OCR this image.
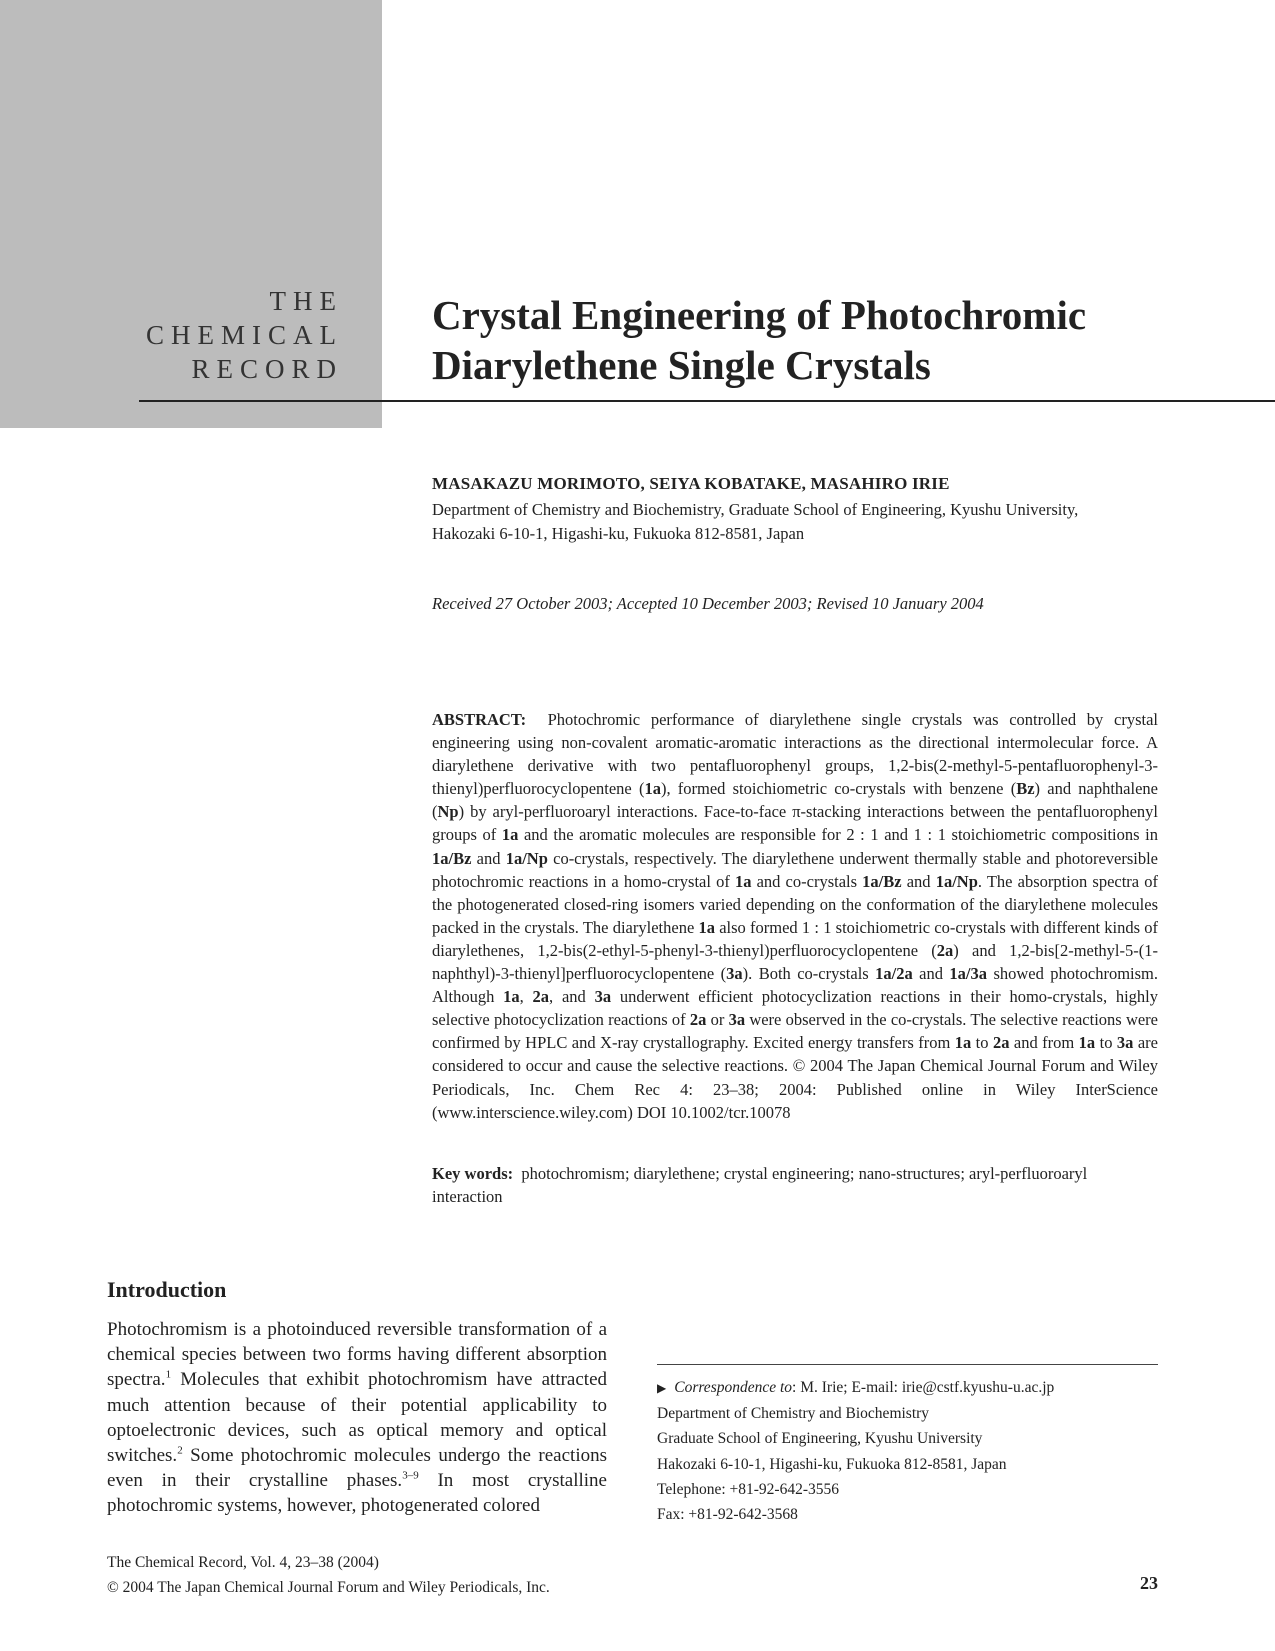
THE
CHEMICAL
RECORD
Crystal Engineering of Photochromic
Diarylethene Single Crystals
MASAKAZU MORIMOTO, SEIYA KOBATAKE, MASAHIRO IRIE
Department of Chemistry and Biochemistry, Graduate School of Engineering, Kyushu University,
Hakozaki 6-10-1, Higashi-ku, Fukuoka 812-8581, Japan
Received 27 October 2003; Accepted 10 December 2003; Revised 10 January 2004
ABSTRACT: Photochromic performance of diarylethene single crystals was controlled by crystal engineering using non-covalent aromatic-aromatic interactions as the directional intermolecular force. A diarylethene derivative with two pentafluorophenyl groups, 1,2-bis(2-methyl-5-pentafluorophenyl-3-thienyl)perfluorocyclopentene (1a), formed stoichiometric co-crystals with benzene (Bz) and naphthalene (Np) by aryl-perfluoroaryl interactions. Face-to-face π-stacking interactions between the pentafluorophenyl groups of 1a and the aromatic molecules are responsible for 2 : 1 and 1 : 1 stoichiometric compositions in 1a/Bz and 1a/Np co-crystals, respectively. The diarylethene underwent thermally stable and photoreversible photochromic reactions in a homo-crystal of 1a and co-crystals 1a/Bz and 1a/Np. The absorption spectra of the photogenerated closed-ring isomers varied depending on the conformation of the diarylethene molecules packed in the crystals. The diarylethene 1a also formed 1 : 1 stoichiometric co-crystals with different kinds of diarylethenes, 1,2-bis(2-ethyl-5-phenyl-3-thienyl)perfluorocyclopentene (2a) and 1,2-bis[2-methyl-5-(1-naphthyl)-3-thienyl]perfluorocyclopentene (3a). Both co-crystals 1a/2a and 1a/3a showed photochromism. Although 1a, 2a, and 3a underwent efficient photocyclization reactions in their homo-crystals, highly selective photocyclization reactions of 2a or 3a were observed in the co-crystals. The selective reactions were confirmed by HPLC and X-ray crystallography. Excited energy transfers from 1a to 2a and from 1a to 3a are considered to occur and cause the selective reactions. © 2004 The Japan Chemical Journal Forum and Wiley Periodicals, Inc. Chem Rec 4: 23–38; 2004: Published online in Wiley InterScience (www.interscience.wiley.com) DOI 10.1002/tcr.10078
Key words: photochromism; diarylethene; crystal engineering; nano-structures; aryl-perfluoroaryl interaction
Introduction
Photochromism is a photoinduced reversible transformation of a chemical species between two forms having different absorption spectra.$^1$ Molecules that exhibit photochromism have attracted much attention because of their potential applicability to optoelectronic devices, such as optical memory and optical switches.$^2$ Some photochromic molecules undergo the reactions even in their crystalline phases.$^{3-9}$ In most crystalline photochromic systems, however, photogenerated colored
▶ Correspondence to: M. Irie; E-mail: irie@cstf.kyushu-u.ac.jp
Department of Chemistry and Biochemistry
Graduate School of Engineering, Kyushu University
Hakozaki 6-10-1, Higashi-ku, Fukuoka 812-8581, Japan
Telephone: +81-92-642-3556
Fax: +81-92-642-3568
The Chemical Record, Vol. 4, 23–38 (2004)
© 2004 The Japan Chemical Journal Forum and Wiley Periodicals, Inc.	23
